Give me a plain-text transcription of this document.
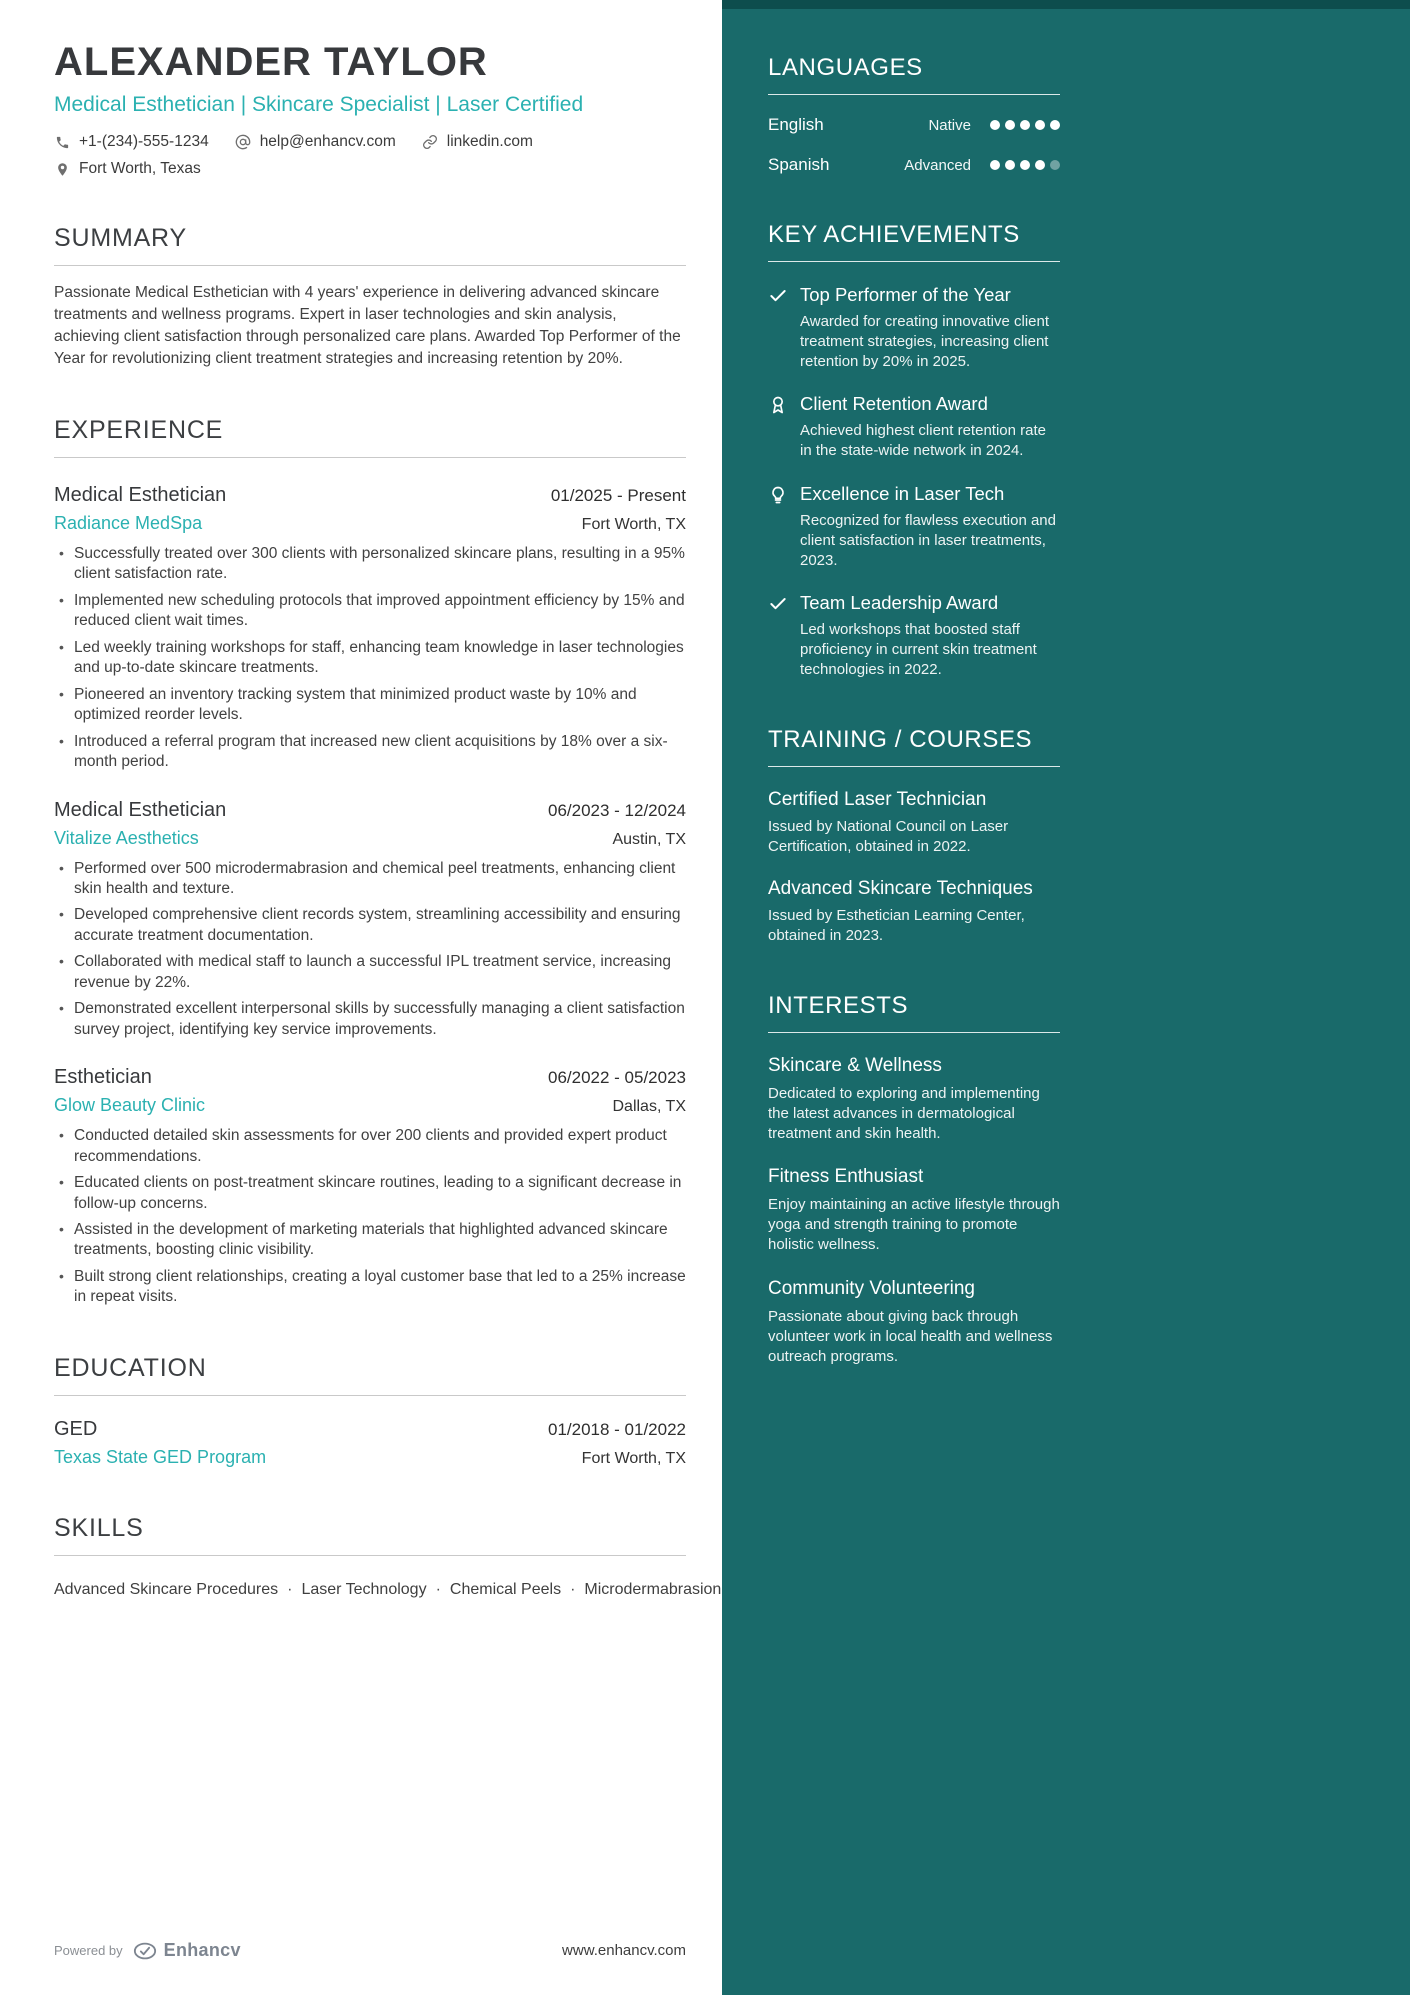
ALEXANDER TAYLOR
Medical Esthetician | Skincare Specialist | Laser Certified
+1-(234)-555-1234	help@enhancv.com	linkedin.com
Fort Worth, Texas
SUMMARY

Passionate Medical Esthetician with 4 years' experience in delivering advanced skincare treatments and wellness programs. Expert in laser technologies and skin analysis, achieving client satisfaction through personalized care plans. Awarded Top Performer of the Year for revolutionizing client treatment strategies and increasing retention by 20%.

EXPERIENCE
Medical Esthetician	01/2025 - Present
Radiance MedSpa	Fort Worth, TX
• Successfully treated over 300 clients with personalized skincare plans, resulting in a 95% client satisfaction rate.
• Implemented new scheduling protocols that improved appointment efficiency by 15% and reduced client wait times.
• Led weekly training workshops for staff, enhancing team knowledge in laser technologies and up-to-date skincare treatments.
• Pioneered an inventory tracking system that minimized product waste by 10% and optimized reorder levels.
• Introduced a referral program that increased new client acquisitions by 18% over a six-month period.
Medical Esthetician	06/2023 - 12/2024
Vitalize Aesthetics	Austin, TX
• Performed over 500 microdermabrasion and chemical peel treatments, enhancing client skin health and texture.
• Developed comprehensive client records system, streamlining accessibility and ensuring accurate treatment documentation.
• Collaborated with medical staff to launch a successful IPL treatment service, increasing revenue by 22%.
• Demonstrated excellent interpersonal skills by successfully managing a client satisfaction survey project, identifying key service improvements.
Esthetician	06/2022 - 05/2023
Glow Beauty Clinic	Dallas, TX
• Conducted detailed skin assessments for over 200 clients and provided expert product recommendations.
• Educated clients on post-treatment skincare routines, leading to a significant decrease in follow-up concerns.
• Assisted in the development of marketing materials that highlighted advanced skincare treatments, boosting clinic visibility.
• Built strong client relationships, creating a loyal customer base that led to a 25% increase in repeat visits.
EDUCATION
GED	01/2018 - 01/2022
Texas State GED Program	Fort Worth, TX
SKILLS
Advanced Skincare Procedures · Laser Technology · Chemical Peels · Microdermabrasion · ·
Powered by Enhancv	www.enhancv.com
LANGUAGES
English	Native
Spanish	Advanced
KEY ACHIEVEMENTS
Top Performer of the Year

Awarded for creating innovative client treatment strategies, increasing client retention by 20% in 2025.

Client Retention Award

Achieved highest client retention rate in the state-wide network in 2024.

Excellence in Laser Tech

Recognized for flawless execution and client satisfaction in laser treatments, 2023.

Team Leadership Award

Led workshops that boosted staff proficiency in current skin treatment technologies in 2022.

TRAINING / COURSES
Certified Laser Technician

Issued by National Council on Laser Certification, obtained in 2022.

Advanced Skincare Techniques

Issued by Esthetician Learning Center, obtained in 2023.

INTERESTS
Skincare & Wellness

Dedicated to exploring and implementing the latest advances in dermatological treatment and skin health.

Fitness Enthusiast

Enjoy maintaining an active lifestyle through yoga and strength training to promote holistic wellness.

Community Volunteering

Passionate about giving back through volunteer work in local health and wellness outreach programs.
